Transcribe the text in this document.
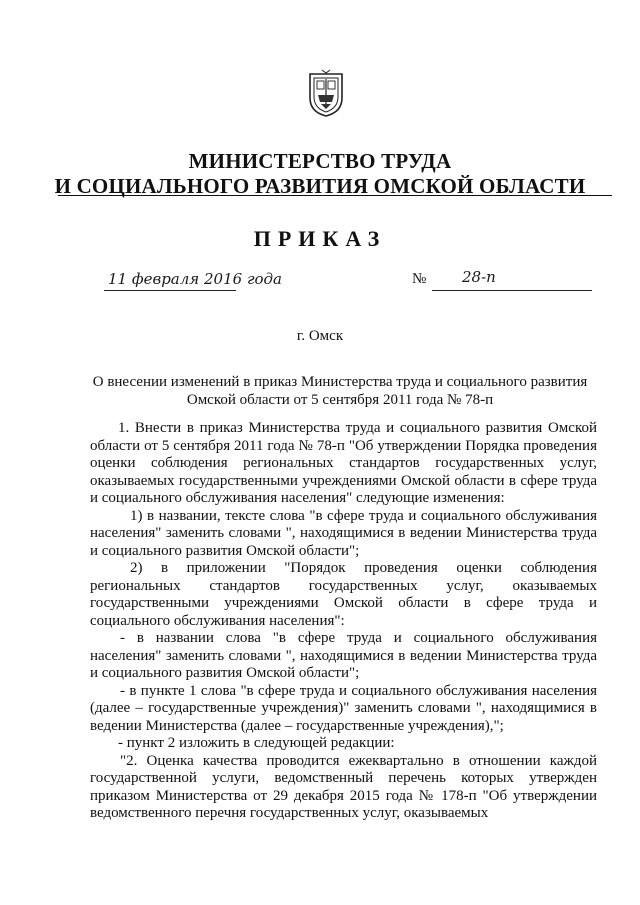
МИНИСТЕРСТВО ТРУДА
И СОЦИАЛЬНОГО РАЗВИТИЯ ОМСКОЙ ОБЛАСТИ
ПРИКАЗ
11 февраля 2016 года	№ 28-п
г. Омск
О внесении изменений в приказ Министерства труда и социального развития Омской области от 5 сентября 2011 года № 78-п

1. Внести в приказ Министерства труда и социального развития Омской области от 5 сентября 2011 года № 78-п "Об утверждении Порядка проведения оценки соблюдения региональных стандартов государственных услуг, оказываемых государственными учреждениями Омской области в сфере труда и социального обслуживания населения" следующие изменения:

1) в названии, тексте слова "в сфере труда и социального обслуживания населения" заменить словами ", находящимися в ведении Министерства труда и социального развития Омской области";

2) в приложении "Порядок проведения оценки соблюдения региональных стандартов государственных услуг, оказываемых государственными учреждениями Омской области в сфере труда и социального обслуживания населения":

- в названии слова "в сфере труда и социального обслуживания населения" заменить словами ", находящимися в ведении Министерства труда и социального развития Омской области";

- в пункте 1 слова "в сфере труда и социального обслуживания населения (далее – государственные учреждения)" заменить словами ", находящимися в ведении Министерства (далее – государственные учреждения),";

- пункт 2 изложить в следующей редакции:

"2. Оценка качества проводится ежеквартально в отношении каждой государственной услуги, ведомственный перечень которых утвержден приказом Министерства от 29 декабря 2015 года № 178-п "Об утверждении ведомственного перечня государственных услуг, оказываемых
